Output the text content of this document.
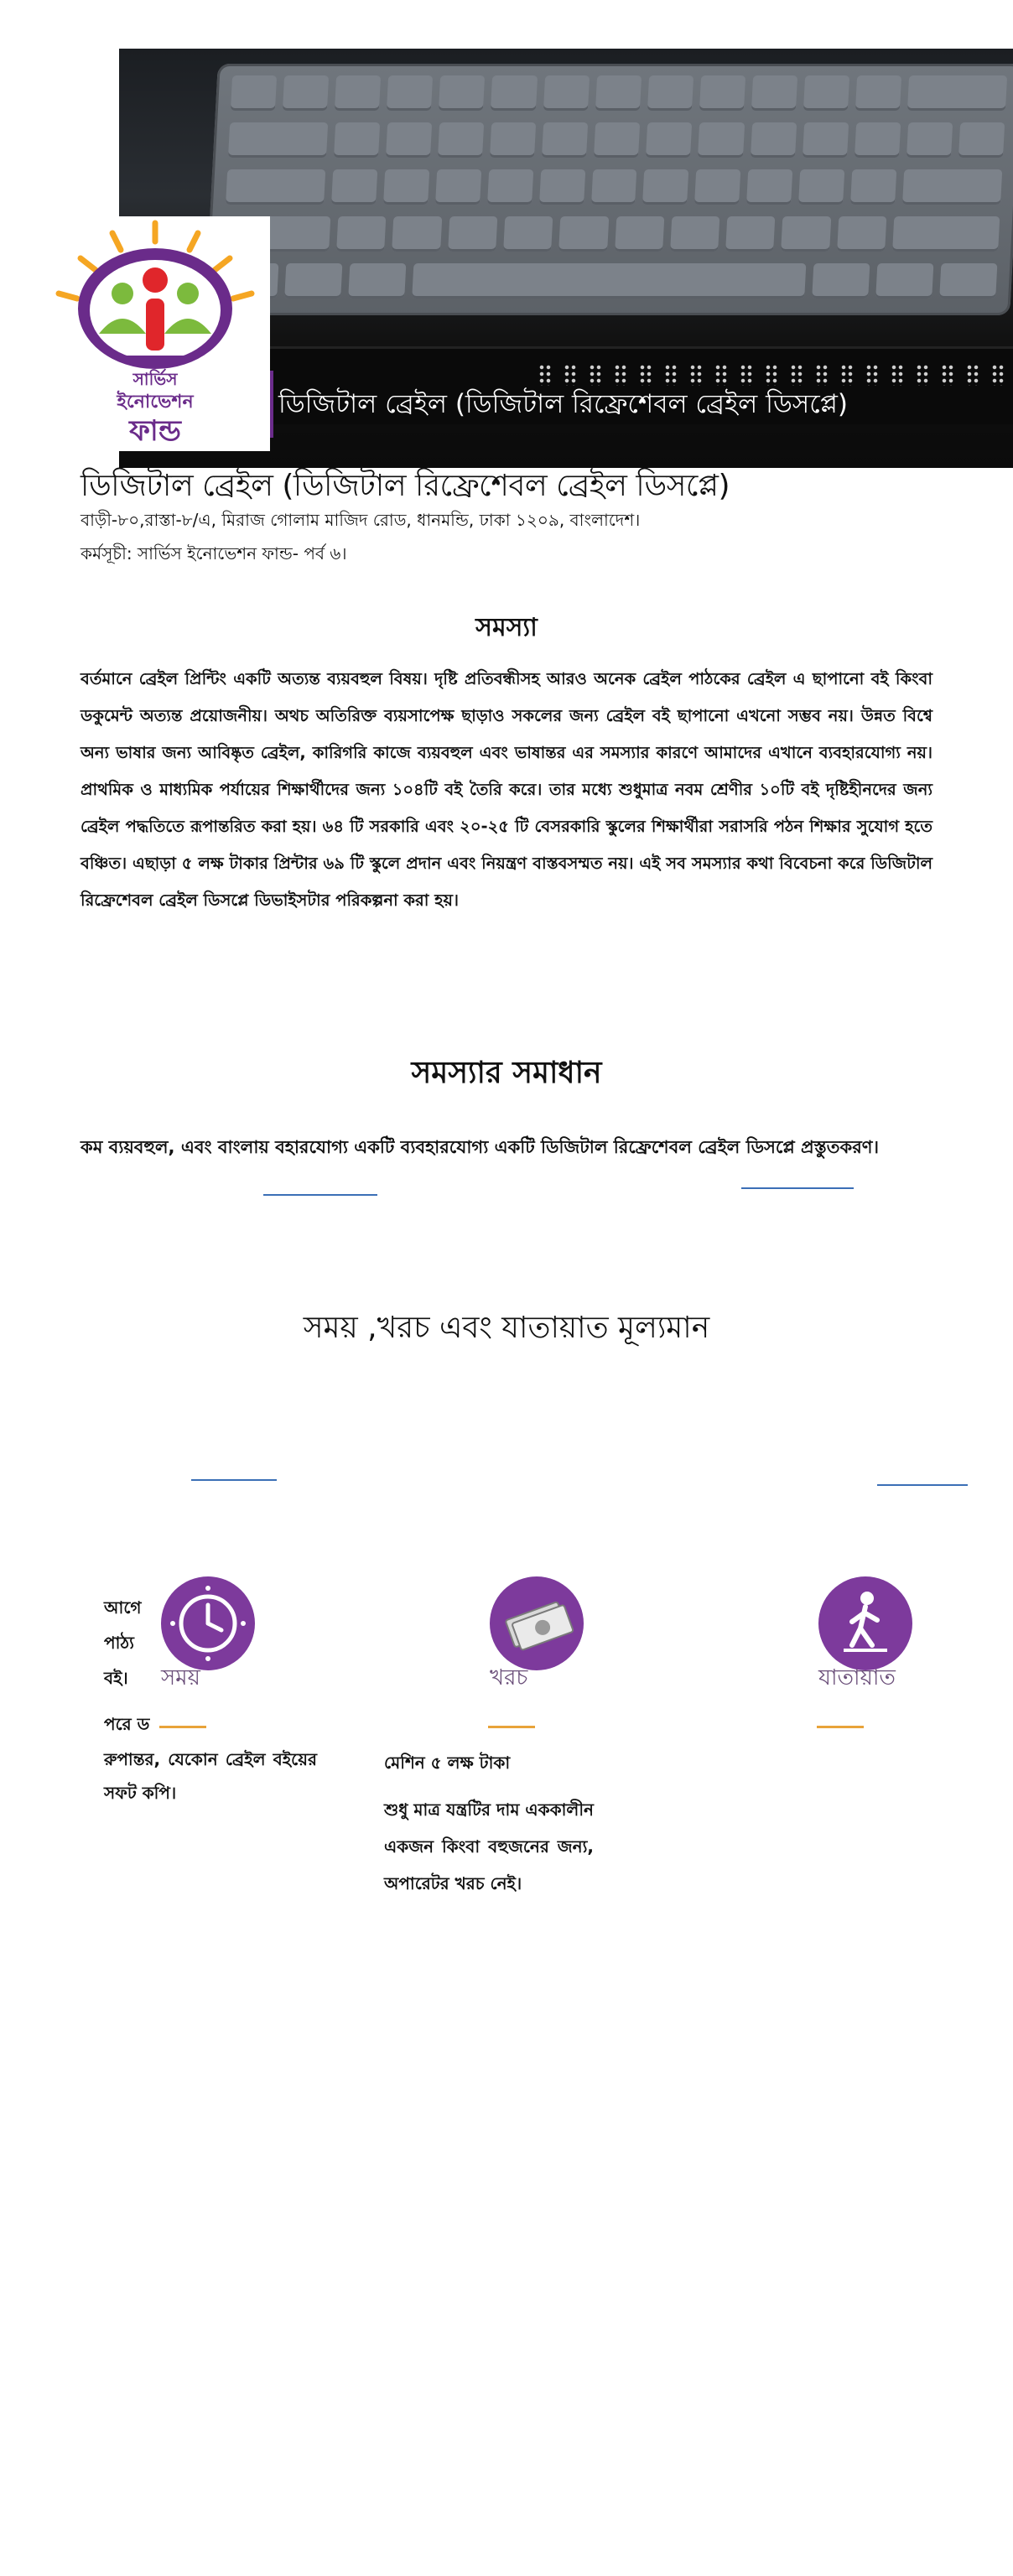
ডিজিটাল ব্রেইল (ডিজিটাল রিফ্রেশেবল ব্রেইল ডিসপ্লে)
সার্ভিস
ইনোভেশন
ফান্ড
ডিজিটাল ব্রেইল (ডিজিটাল রিফ্রেশেবল ব্রেইল ডিসপ্লে)
বাড়ী-৮০,রাস্তা-৮/এ, মিরাজ গোলাম মাজিদ রোড, ধানমন্ডি, ঢাকা ১২০৯, বাংলাদেশ।
কর্মসূচী: সার্ভিস ইনোভেশন ফান্ড- পর্ব ৬।
সমস্যা

বর্তমানে ব্রেইল প্রিন্টিং একটি অত্যন্ত ব্যয়বহুল বিষয়। দৃষ্টি প্রতিবন্ধীসহ আরও অনেক ব্রেইল পাঠকের ব্রেইল এ ছাপানো বই কিংবা ডকুমেন্ট অত্যন্ত প্রয়োজনীয়। অথচ অতিরিক্ত ব্যয়সাপেক্ষ ছাড়াও সকলের জন্য ব্রেইল বই ছাপানো এখনো সম্ভব নয়। উন্নত বিশ্বে অন্য ভাষার জন্য আবিষ্কৃত ব্রেইল, কারিগরি কাজে ব্যয়বহুল এবং ভাষান্তর এর সমস্যার কারণে আমাদের এখানে ব্যবহারযোগ্য নয়। প্রাথমিক ও মাধ্যমিক পর্যায়ের শিক্ষার্থীদের জন্য ১০৪টি বই তৈরি করে। তার মধ্যে শুধুমাত্র নবম শ্রেণীর ১০টি বই দৃষ্টিহীনদের জন্য ব্রেইল পদ্ধতিতে রূপান্তরিত করা হয়। ৬৪ টি সরকারি এবং ২০-২৫ টি বেসরকারি স্কুলের শিক্ষার্থীরা সরাসরি পঠন শিক্ষার সুযোগ হতে বঞ্চিত। এছাড়া ৫ লক্ষ টাকার প্রিন্টার ৬৯ টি স্কুলে প্রদান এবং নিয়ন্ত্রণ বাস্তবসম্মত নয়। এই সব সমস্যার কথা বিবেচনা করে ডিজিটাল রিফ্রেশেবল ব্রেইল ডিসপ্লে ডিভাইসটার পরিকল্পনা করা হয়।

সমস্যার সমাধান
কম ব্যয়বহুল, এবং বাংলায় বহারযোগ্য একটি ব্যবহারযোগ্য একটি ডিজিটাল রিফ্রেশেবল ব্রেইল ডিসপ্লে প্রস্তুতকরণ।
সময় ,খরচ এবং যাতায়াত মূল্যমান
সময়	খরচ	যাতায়াত
আগে
পাঠ্য
বই।
পরে ড

রুপান্তর, যেকোন ব্রেইল বইয়ের সফট কপি।

মেশিন ৫ লক্ষ টাকা

শুধু মাত্র যন্ত্রটির দাম এককালীন একজন কিংবা বহুজনের জন্য, অপারেটর খরচ নেই।
